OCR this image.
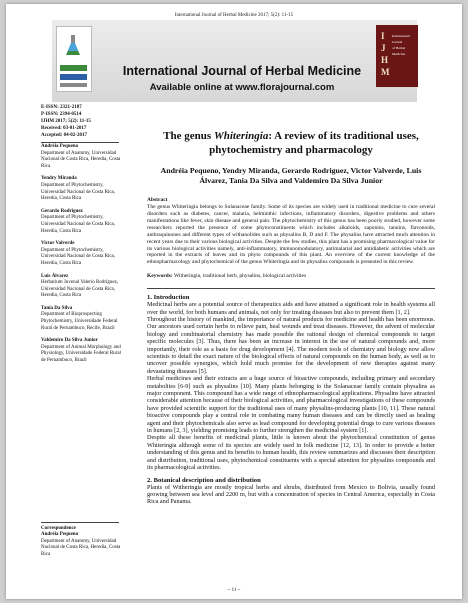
International Journal of Herbal Medicine 2017; 5(2): 11-15
International Journal of Herbal Medicine
Available online at www.florajournal.com
I
J
H
M
International
Journal
of Herbal
Medicine
E-ISSN: 2321-2187
P-ISSN: 2394-0514
IJHM 2017; 5(2): 11-15
Received: 03-01-2017
Accepted: 04-02-2017
Andréia Pequeno
Department of Anatomy, Universidad Nacional de Costa Rica, Heredia, Costa Rica
Yendry Miranda
Department of Phytochemistry, Universidad Nacional de Costa Rica, Heredia, Costa Rica
Gerardo Rodriguez
Department of Phytochemistry, Universidad Nacional de Costa Rica, Heredia, Costa Rica
Victor Valverde
Department of Phytochemistry, Universidad Nacional de Costa Rica, Heredia, Costa Rica
Luis Álvarez
Herbarium Juvenal Valerio Rodríguez, Universidad Nacional de Costa Rica, Heredia, Costa Rica
Tania Da Silva
Department of Bioprospecting Phytochemistry, Universidade Federal Rural de Pernambuco, Recife, Brazil
Valdemiro Da Silva Junior
Department of Animal Morphology and Physiology, Universidade Federal Rural de Pernambuco, Brazil
Correspondence
Andréia Pequeno
Department of Anatomy, Universidad Nacional de Costa Rica, Heredia, Costa Rica
The genus Whiteringia: A review of its traditional uses, phytochemistry and pharmacology
Andréia Pequeno, Yendry Miranda, Gerardo Rodriguez, Victor Valverde, Luis Álvarez, Tania Da Silva and Valdemiro Da Silva Junior
Abstract
The genus Whiteringia belongs to Solanaceae family. Some of its species are widely used in traditional medicine to cure several disorders such as diabetes, cancer, malaria, helminthic infections, inflammatory disorders, digestive problems and others manifestations like fever, skin disease and general pain. The phytochemistry of this genus has been poorly studied, however some researchers reported the presence of some phytoconstituents which includes alkaloids, saponins, tannins, flavonoids, anthraquinones and different types of withanolides such as physalins B, D and F. The physalins have attracted much attention in recent years due to their various biological activities. Despite the few studies, this plant has a promising pharmacological value for its various biological activities namely, anti-inflammatory, immunomodulatory, antimalarial and antidiabetic activities which are reported in the extracts of leaves and its phyto compounds of this plant. An overview of the current knowledge of the ethnopharmacology and phytochemical of the genus Whiteringia and its physalins compounds is presented in this review.
Keywords: Witheringia, traditional herb, physalins, biological activities
1. Introduction

Medicinal herbs are a potential source of therapeutics aids and have attained a significant role in health systems all over the world, for both humans and animals, not only for treating diseases but also to prevent them [1, 2].

Throughout the history of mankind, the importance of natural products for medicine and health has been enormous. Our ancestors used certain herbs to relieve pain, heal wounds and treat diseases. However, the advent of molecular biology and combinatorial chemistry has made possible the rational design of chemical compounds to target specific molecules [3]. Thus, there has been an increase in interest in the use of natural compounds and, more importantly, their role as a basis for drug development [4]. The modern tools of chemistry and biology now allow scientists to detail the exact nature of the biological effects of natural compounds on the human body, as well as to uncover possible synergies, which hold much promise for the development of new therapies against many devastating diseases [5].

Herbal medicines and their extracts are a huge source of bioactive compounds, including primary and secondary metabolites [6-9] such as physalins [10]. Many plants belonging to the Solanaceae family contain physalins as major component. This compound has a wide range of ethnopharmacological applications. Physalins have attracted considerable attention because of their biological activities, and pharmacological investigations of these compounds have provided scientific support for the traditional uses of many physalins-producing plants [10, 11]. These natural bioactive compounds play a central role in combating many human diseases and can be directly used as healing agent and their phytochemicals also serve as lead compound for developing potential drugs to cure various diseases in humans [2, 3], yielding promising leads to further strengthen the medicinal system [1].

Despite all these benefits of medicinal plants, little is known about the phytochemical constitution of genus Whiteringia although some of its species are widely used in folk medicine [12, 13]. In order to provide a better understanding of this genus and its benefits to human health, this review summarizes and discusses their description and distribution, traditional uses, phytochemical constituents with a special attention for physalins compounds and its pharmacological activities.

2. Botanical description and distribution

Plants of Witheringia are mostly tropical herbs and shrubs, distributed from Mexico to Bolivia, usually found growing between sea level and 2200 m, but with a concentration of species in Central America, especially in Costa Rica and Panama.

~ 11 ~
